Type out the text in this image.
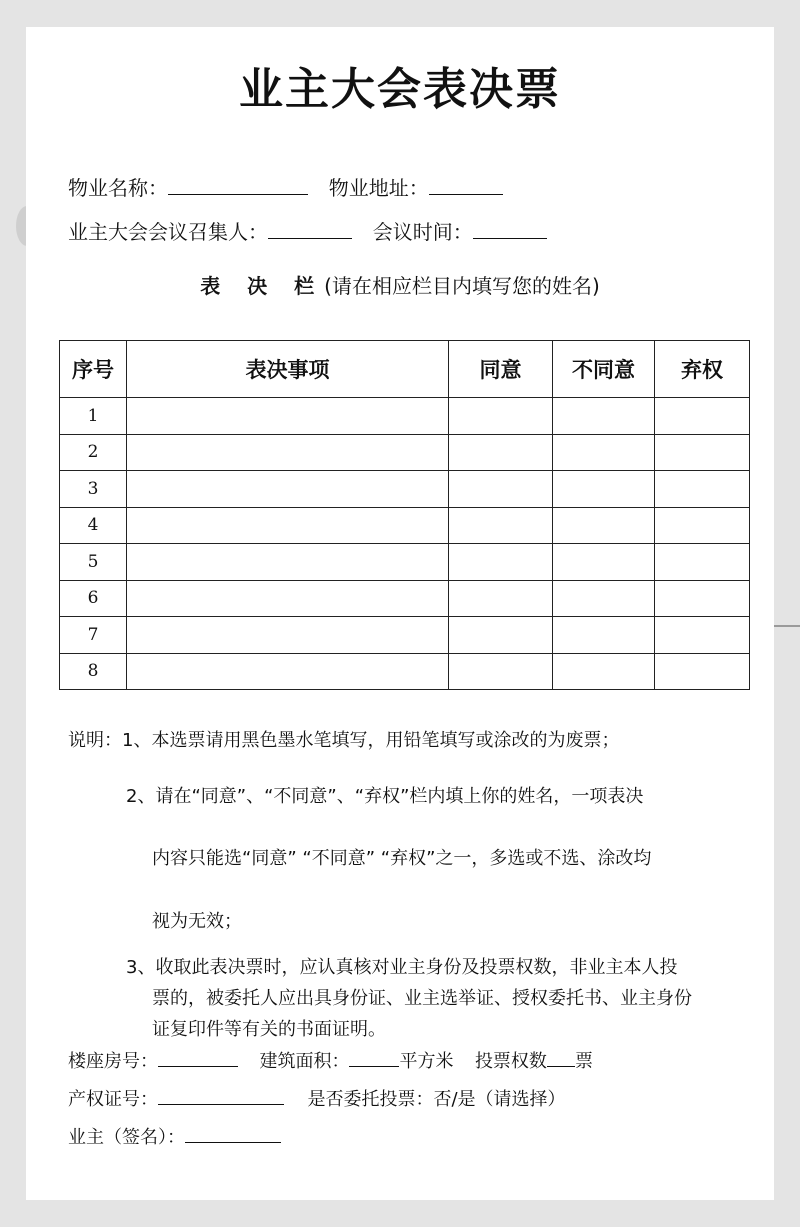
业主大会表决票
物业名称：	物业地址：
业主大会会议召集人：	会议时间：
表 决 栏(请在相应栏目内填写您的姓名)
序号	表决事项	同意	不同意	弃权
1				
2				
3				
4				
5				
6				
7				
8				
说明：1、本选票请用黑色墨水笔填写，用铅笔填写或涂改的为废票；
2、请在“同意”、“不同意”、“弃权”栏内填上你的姓名，一项表决
内容只能选“同意” “不同意” “弃权”之一，多选或不选、涂改均
视为无效；
3、收取此表决票时，应认真核对业主身份及投票权数，非业主本人投
票的，被委托人应出具身份证、业主选举证、授权委托书、业主身份
证复印件等有关的书面证明。
楼座房号：	建筑面积：	平方米 投票权数 票
产权证号：	是否委托投票：否/是（请选择）
业主（签名）：
